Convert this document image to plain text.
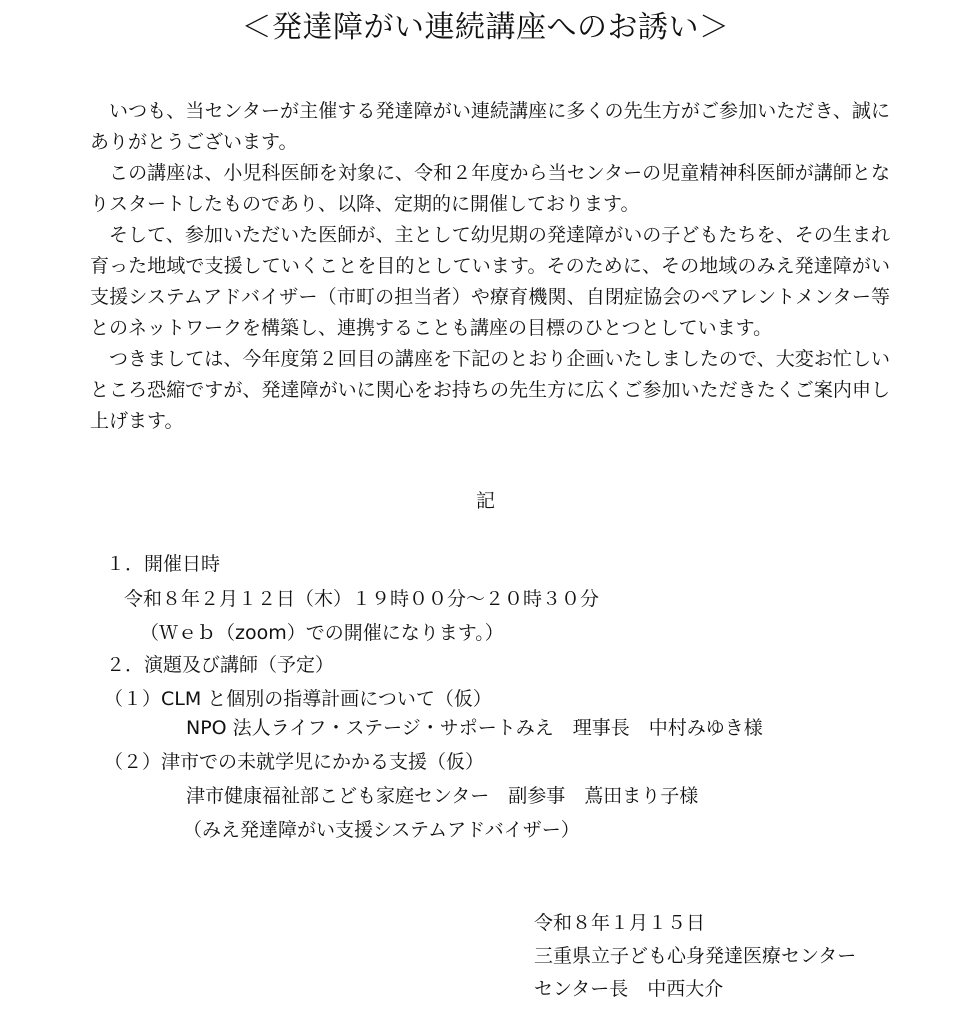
＜発達障がい連続講座へのお誘い＞

いつも、当センターが主催する発達障がい連続講座に多くの先生方がご参加いただき、誠にありがとうございます。

この講座は、小児科医師を対象に、令和２年度から当センターの児童精神科医師が講師となりスタートしたものであり、以降、定期的に開催しております。

そして、参加いただいた医師が、主として幼児期の発達障がいの子どもたちを、その生まれ育った地域で支援していくことを目的としています。そのために、その地域のみえ発達障がい支援システムアドバイザー（市町の担当者）や療育機関、自閉症協会のペアレントメンター等とのネットワークを構築し、連携することも講座の目標のひとつとしています。

つきましては、今年度第２回目の講座を下記のとおり企画いたしましたので、大変お忙しいところ恐縮ですが、発達障がいに関心をお持ちの先生方に広くご参加いただきたくご案内申し上げます。

記
１．開催日時
令和８年２月１２日（木）１９時００分～２０時３０分
（Ｗｅｂ（zoom）での開催になります。）
２．演題及び講師（予定）
（１）CLM と個別の指導計画について（仮）
NPO 法人ライフ・ステージ・サポートみえ　理事長　中村みゆき様
（２）津市での未就学児にかかる支援（仮）
津市健康福祉部こども家庭センター　副参事　蔦田まり子様
（みえ発達障がい支援システムアドバイザー）
令和８年１月１５日
三重県立子ども心身発達医療センター
センター長　中西大介
